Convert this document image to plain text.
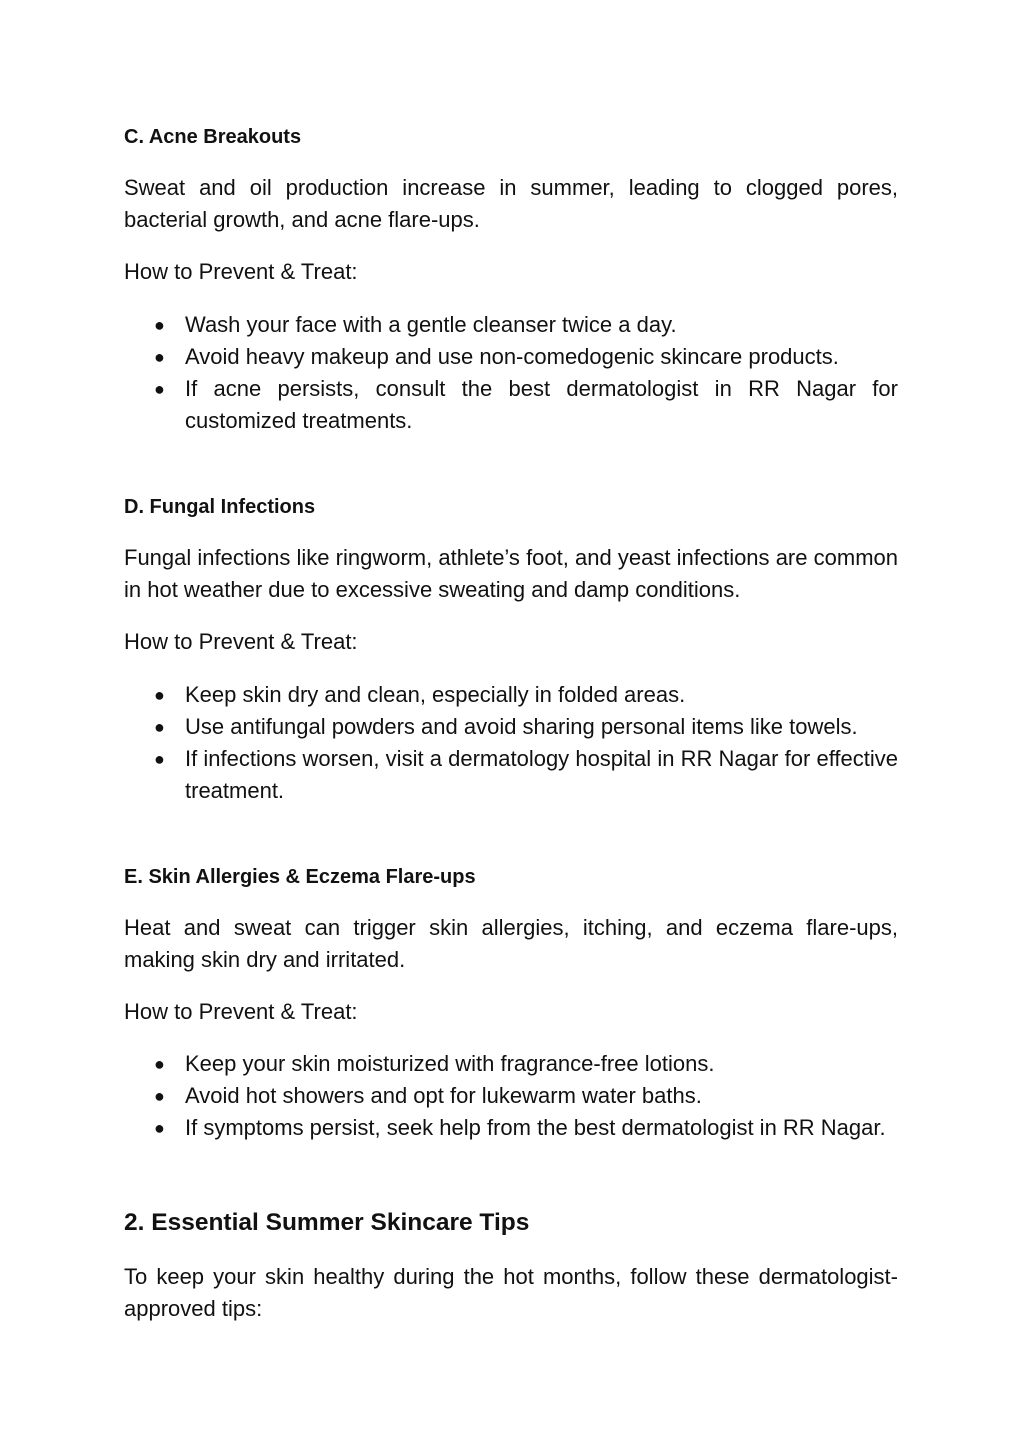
C. Acne Breakouts

Sweat and oil production increase in summer, leading to clogged pores, bacterial growth, and acne flare-ups.

How to Prevent & Treat:

● Wash your face with a gentle cleanser twice a day.
● Avoid heavy makeup and use non-comedogenic skincare products.
● If acne persists, consult the best dermatologist in RR Nagar for customized treatments.
D. Fungal Infections

Fungal infections like ringworm, athlete’s foot, and yeast infections are common in hot weather due to excessive sweating and damp conditions.

How to Prevent & Treat:

● Keep skin dry and clean, especially in folded areas.
● Use antifungal powders and avoid sharing personal items like towels.
● If infections worsen, visit a dermatology hospital in RR Nagar for effective treatment.
E. Skin Allergies & Eczema Flare-ups

Heat and sweat can trigger skin allergies, itching, and eczema flare-ups, making skin dry and irritated.

How to Prevent & Treat:

● Keep your skin moisturized with fragrance-free lotions.
● Avoid hot showers and opt for lukewarm water baths.
● If symptoms persist, seek help from the best dermatologist in RR Nagar.
2. Essential Summer Skincare Tips

To keep your skin healthy during the hot months, follow these dermatologist-approved tips:
